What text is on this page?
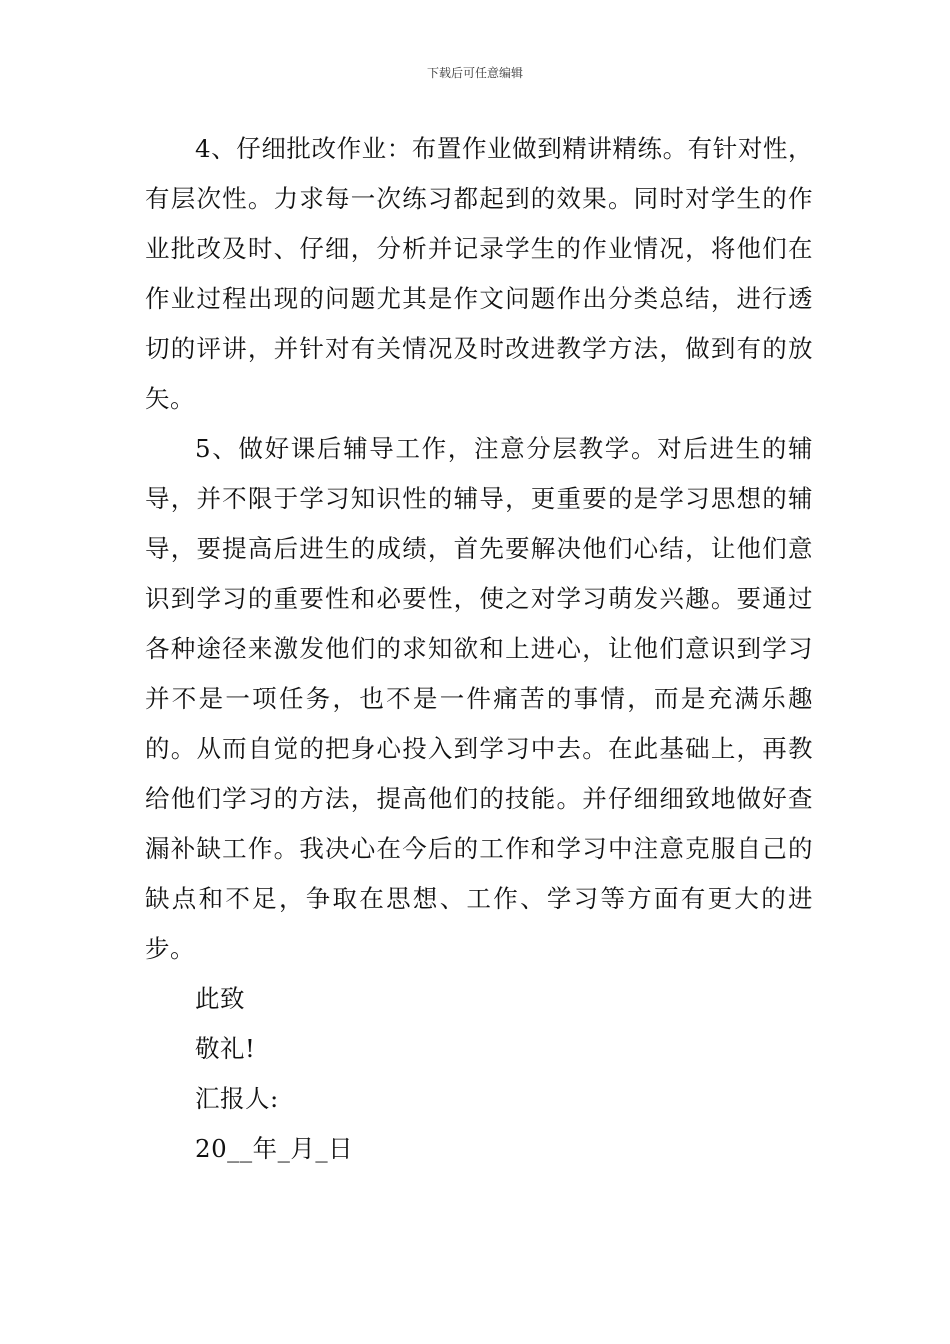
下载后可任意编辑

4、仔细批改作业：布置作业做到精讲精练。有针对性，有层次性。力求每一次练习都起到的效果。同时对学生的作业批改及时、仔细，分析并记录学生的作业情况，将他们在作业过程出现的问题尤其是作文问题作出分类总结，进行透切的评讲，并针对有关情况及时改进教学方法，做到有的放矢。

5、做好课后辅导工作，注意分层教学。对后进生的辅导，并不限于学习知识性的辅导，更重要的是学习思想的辅导，要提高后进生的成绩，首先要解决他们心结，让他们意识到学习的重要性和必要性，使之对学习萌发兴趣。要通过各种途径来激发他们的求知欲和上进心，让他们意识到学习并不是一项任务，也不是一件痛苦的事情，而是充满乐趣的。从而自觉的把身心投入到学习中去。在此基础上，再教给他们学习的方法，提高他们的技能。并仔细细致地做好查漏补缺工作。我决心在今后的工作和学习中注意克服自己的缺点和不足，争取在思想、工作、学习等方面有更大的进步。

此致

敬礼!

汇报人:

20__年_月_日
